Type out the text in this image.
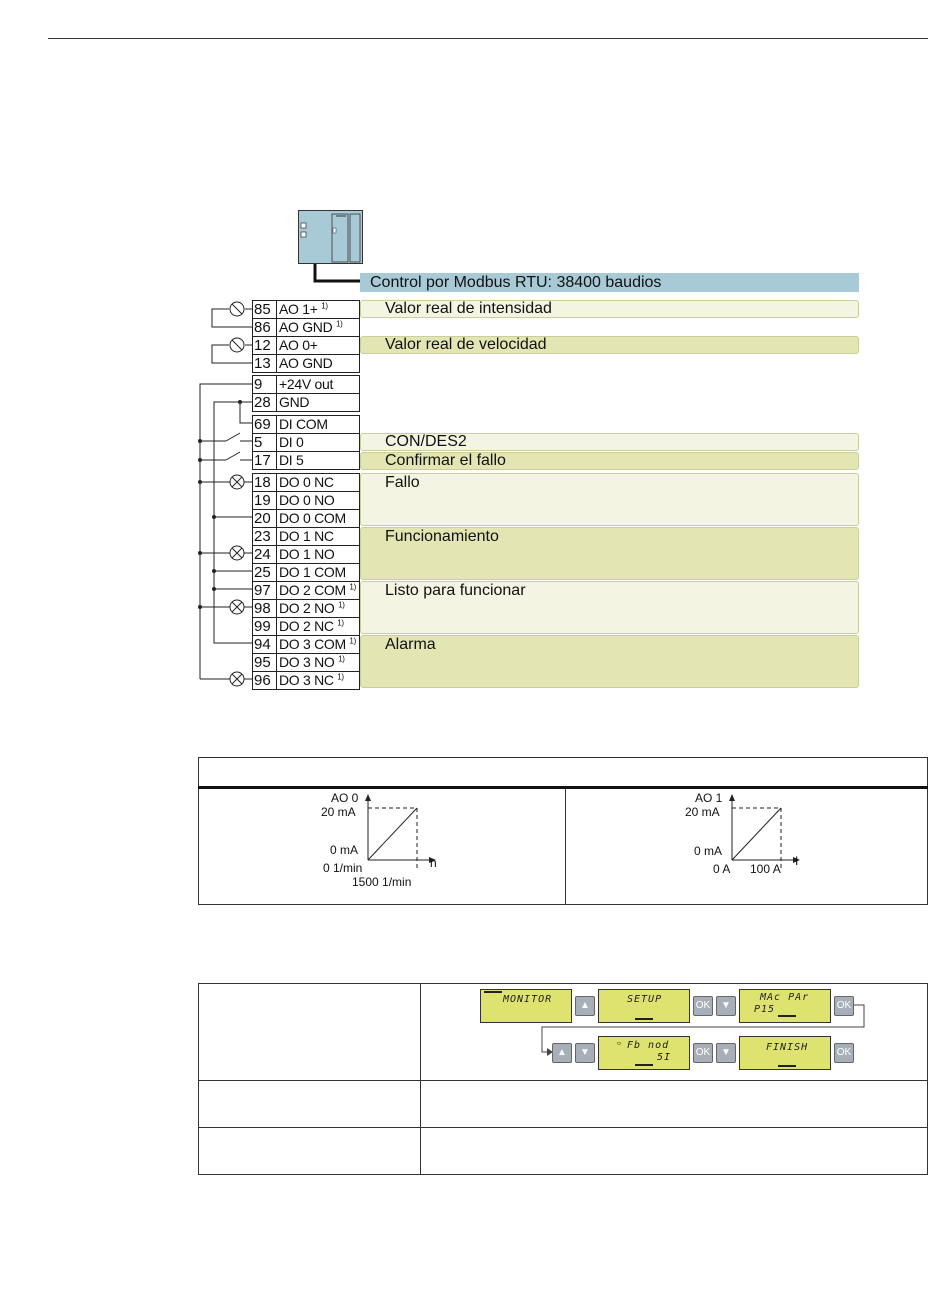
Control por Modbus RTU: 38400 baudios
Valor real de intensidad
Valor real de velocidad
CON/DES2
Confirmar el fallo
Fallo
Funcionamiento
Listo para funcionar
Alarma
85 AO 1+ $^{1)}$
86 AO GND $^{1)}$
12 AO 0+
13 AO GND
9	+24V out
28 GND
69 DI COM
5	DI 0
17 DI 5
18 DO 0 NC
19 DO 0 NO
20 DO 0 COM
23 DO 1 NC
24 DO 1 NO
25 DO 1 COM
97 DO 2 COM $^{1)}$
98 DO 2 NO $^{1)}$
99 DO 2 NC $^{1)}$
94 DO 3 COM $^{1)}$
95 DO 3 NO $^{1)}$
96 DO 3 NC $^{1)}$

AO 0
20 mA
0 mA
0 1/min
1500 1/min
n
AO 1
20 mA
0 mA
0 A 100 A
I

MONITOR
▲
SETUP
OK	▼
MAc PAr
P15	OK
▲	▼
▫ Fb nod
5I OK	▼	FINISH	OK
